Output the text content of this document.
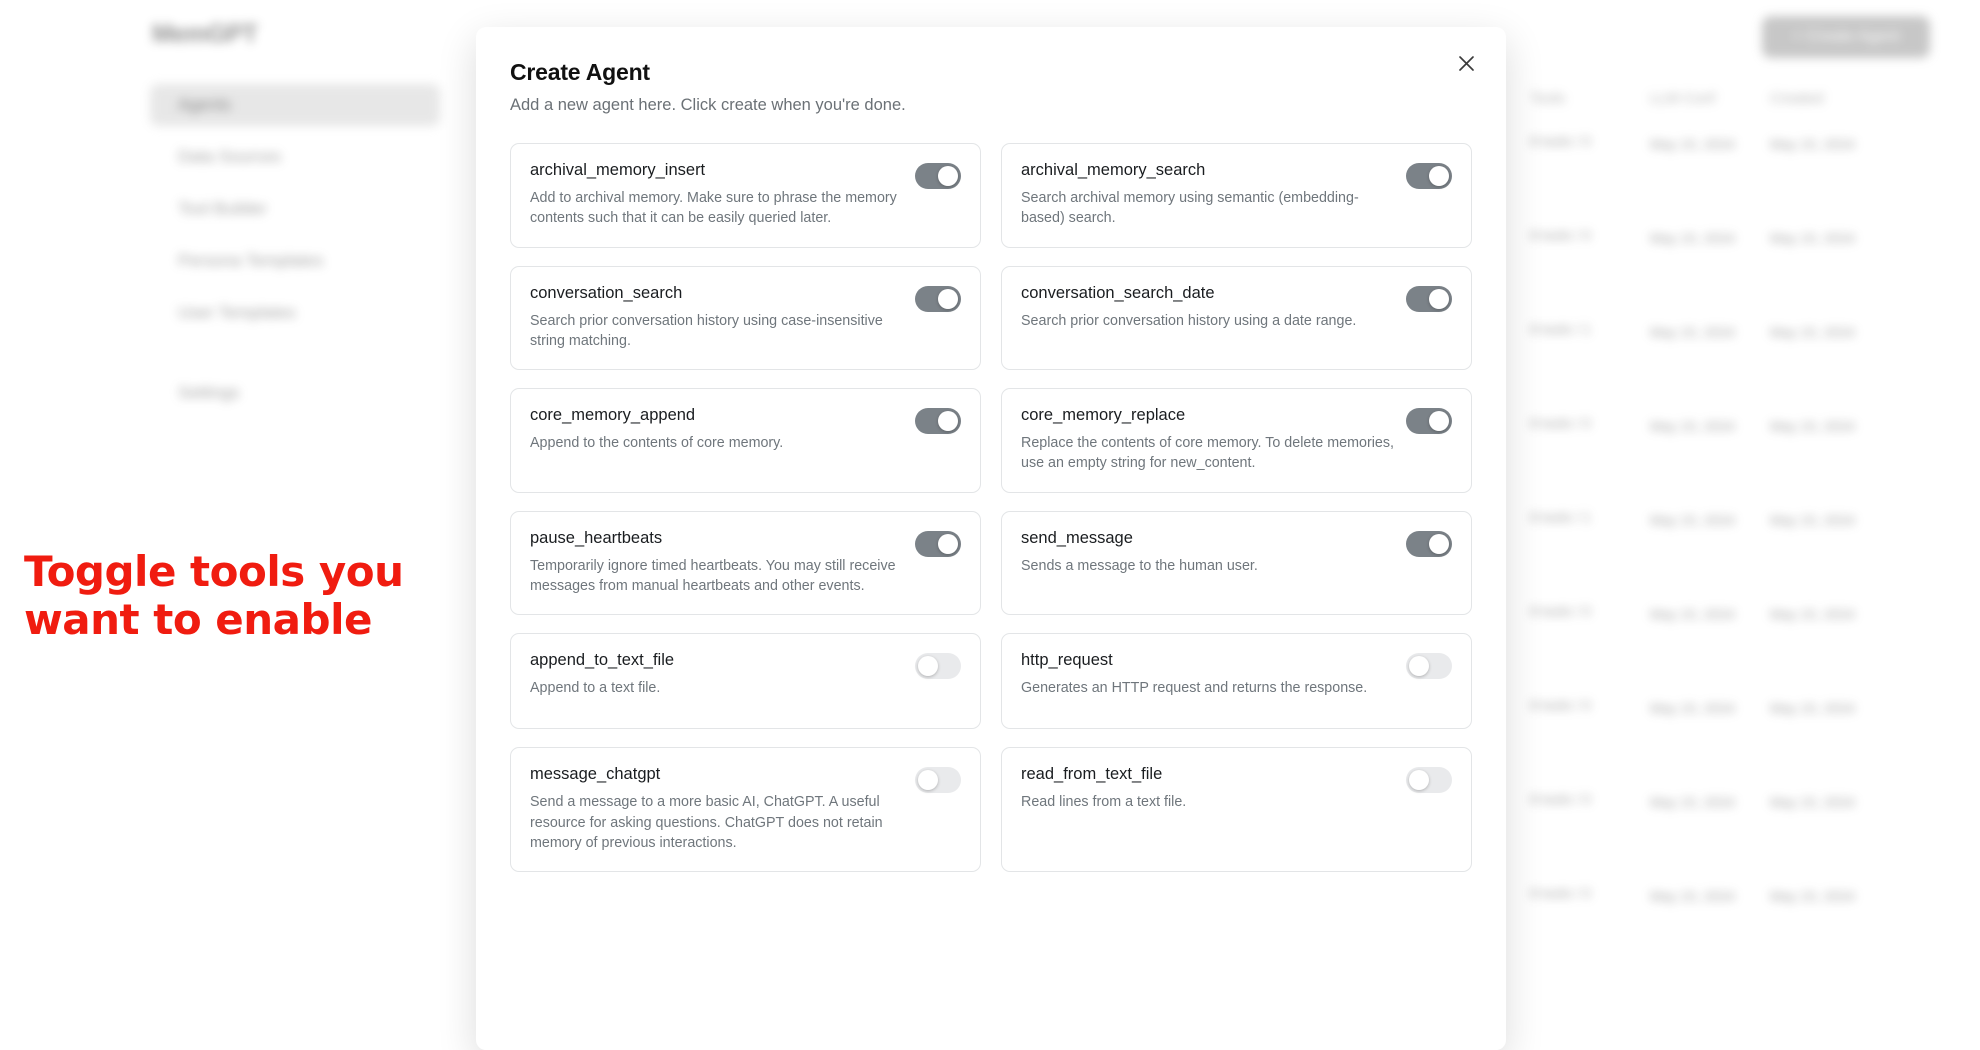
MemGPT
Agents
Data Sources
Tool Builder
Persona Templates
User Templates
Settings
+ Create Agent
Tools	LLM Conf	Created
8 tools / 0	May 15, 2024	May 15, 2024
8 tools / 0	May 15, 2024	May 15, 2024
8 tools / 1	May 15, 2024	May 15, 2024
8 tools / 0	May 15, 2024	May 15, 2024
8 tools / 1	May 15, 2024	May 15, 2024
8 tools / 0	May 15, 2024	May 15, 2024
8 tools / 0	May 15, 2024	May 15, 2024
8 tools / 0	May 15, 2024	May 15, 2024
8 tools / 0	May 15, 2024	May 15, 2024
Toggle tools you want to enable
Create Agent

Add a new agent here. Click create when you're done.

archival_memory_insert

Add to archival memory. Make sure to phrase the memory contents such that it can be easily queried later.

archival_memory_search

Search archival memory using semantic (embedding-based) search.

conversation_search

Search prior conversation history using case-insensitive string matching.

conversation_search_date

Search prior conversation history using a date range.

core_memory_append

Append to the contents of core memory.

core_memory_replace

Replace the contents of core memory. To delete memories, use an empty string for new_content.

pause_heartbeats

Temporarily ignore timed heartbeats. You may still receive messages from manual heartbeats and other events.

send_message

Sends a message to the human user.

append_to_text_file

Append to a text file.

http_request

Generates an HTTP request and returns the response.

message_chatgpt

Send a message to a more basic AI, ChatGPT. A useful resource for asking questions. ChatGPT does not retain memory of previous interactions.

read_from_text_file

Read lines from a text file.
